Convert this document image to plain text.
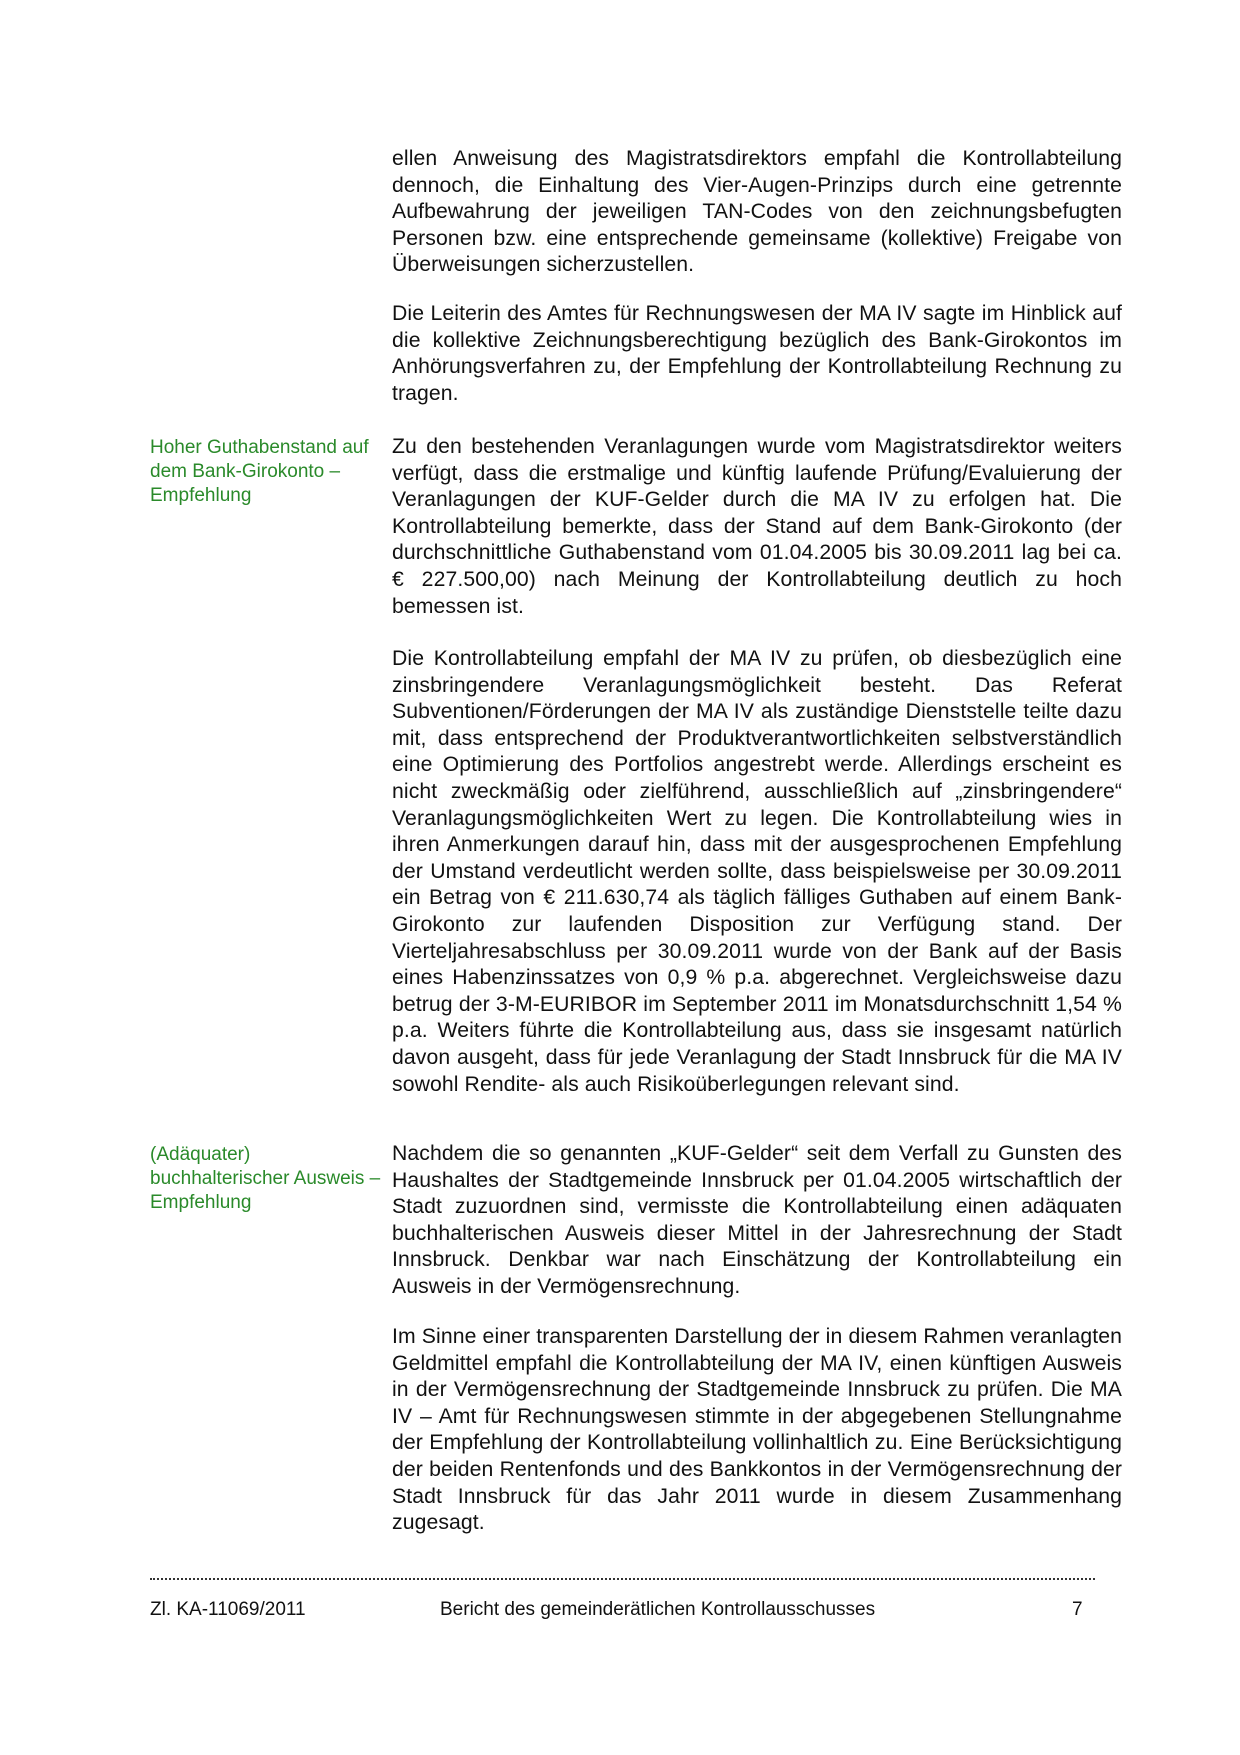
ellen Anweisung des Magistratsdirektors empfahl die Kontrollabteilung dennoch, die Einhaltung des Vier-Augen-Prinzips durch eine getrennte Aufbewahrung der jeweiligen TAN-Codes von den zeichnungsbefugten Personen bzw. eine entsprechende gemeinsame (kollektive) Freigabe von Überweisungen sicherzustellen.

Die Leiterin des Amtes für Rechnungswesen der MA IV sagte im Hinblick auf die kollektive Zeichnungsberechtigung bezüglich des Bank-Girokontos im Anhörungsverfahren zu, der Empfehlung der Kontrollabteilung Rechnung zu tragen.

Hoher Guthabenstand auf dem Bank-Girokonto – Empfehlung

Zu den bestehenden Veranlagungen wurde vom Magistratsdirektor weiters verfügt, dass die erstmalige und künftig laufende Prüfung/Evaluierung der Veranlagungen der KUF-Gelder durch die MA IV zu erfolgen hat. Die Kontrollabteilung bemerkte, dass der Stand auf dem Bank-Girokonto (der durchschnittliche Guthabenstand vom 01.04.2005 bis 30.09.2011 lag bei ca. € 227.500,00) nach Meinung der Kontrollabteilung deutlich zu hoch bemessen ist.

Die Kontrollabteilung empfahl der MA IV zu prüfen, ob diesbezüglich eine zinsbringendere Veranlagungsmöglichkeit besteht. Das Referat Subventionen/Förderungen der MA IV als zuständige Dienststelle teilte dazu mit, dass entsprechend der Produktverantwortlichkeiten selbstverständlich eine Optimierung des Portfolios angestrebt werde. Allerdings erscheint es nicht zweckmäßig oder zielführend, ausschließlich auf „zinsbringendere“ Veranlagungsmöglichkeiten Wert zu legen. Die Kontrollabteilung wies in ihren Anmerkungen darauf hin, dass mit der ausgesprochenen Empfehlung der Umstand verdeutlicht werden sollte, dass beispielsweise per 30.09.2011 ein Betrag von € 211.630,74 als täglich fälliges Guthaben auf einem Bank-Girokonto zur laufenden Disposition zur Verfügung stand. Der Vierteljahresabschluss per 30.09.2011 wurde von der Bank auf der Basis eines Habenzinssatzes von 0,9 % p.a. abgerechnet. Vergleichsweise dazu betrug der 3-M-EURIBOR im September 2011 im Monatsdurchschnitt 1,54 % p.a. Weiters führte die Kontrollabteilung aus, dass sie insgesamt natürlich davon ausgeht, dass für jede Veranlagung der Stadt Innsbruck für die MA IV sowohl Rendite- als auch Risikoüberlegungen relevant sind.

(Adäquater) buchhalterischer Ausweis – Empfehlung

Nachdem die so genannten „KUF-Gelder“ seit dem Verfall zu Gunsten des Haushaltes der Stadtgemeinde Innsbruck per 01.04.2005 wirtschaftlich der Stadt zuzuordnen sind, vermisste die Kontrollabteilung einen adäquaten buchhalterischen Ausweis dieser Mittel in der Jahresrechnung der Stadt Innsbruck. Denkbar war nach Einschätzung der Kontrollabteilung ein Ausweis in der Vermögensrechnung.

Im Sinne einer transparenten Darstellung der in diesem Rahmen veranlagten Geldmittel empfahl die Kontrollabteilung der MA IV, einen künftigen Ausweis in der Vermögensrechnung der Stadtgemeinde Innsbruck zu prüfen. Die MA IV – Amt für Rechnungswesen stimmte in der abgegebenen Stellungnahme der Empfehlung der Kontrollabteilung vollinhaltlich zu. Eine Berücksichtigung der beiden Rentenfonds und des Bankkontos in der Vermögensrechnung der Stadt Innsbruck für das Jahr 2011 wurde in diesem Zusammenhang zugesagt.

Zl. KA-11069/2011	Bericht des gemeinderätlichen Kontrollausschusses	7
